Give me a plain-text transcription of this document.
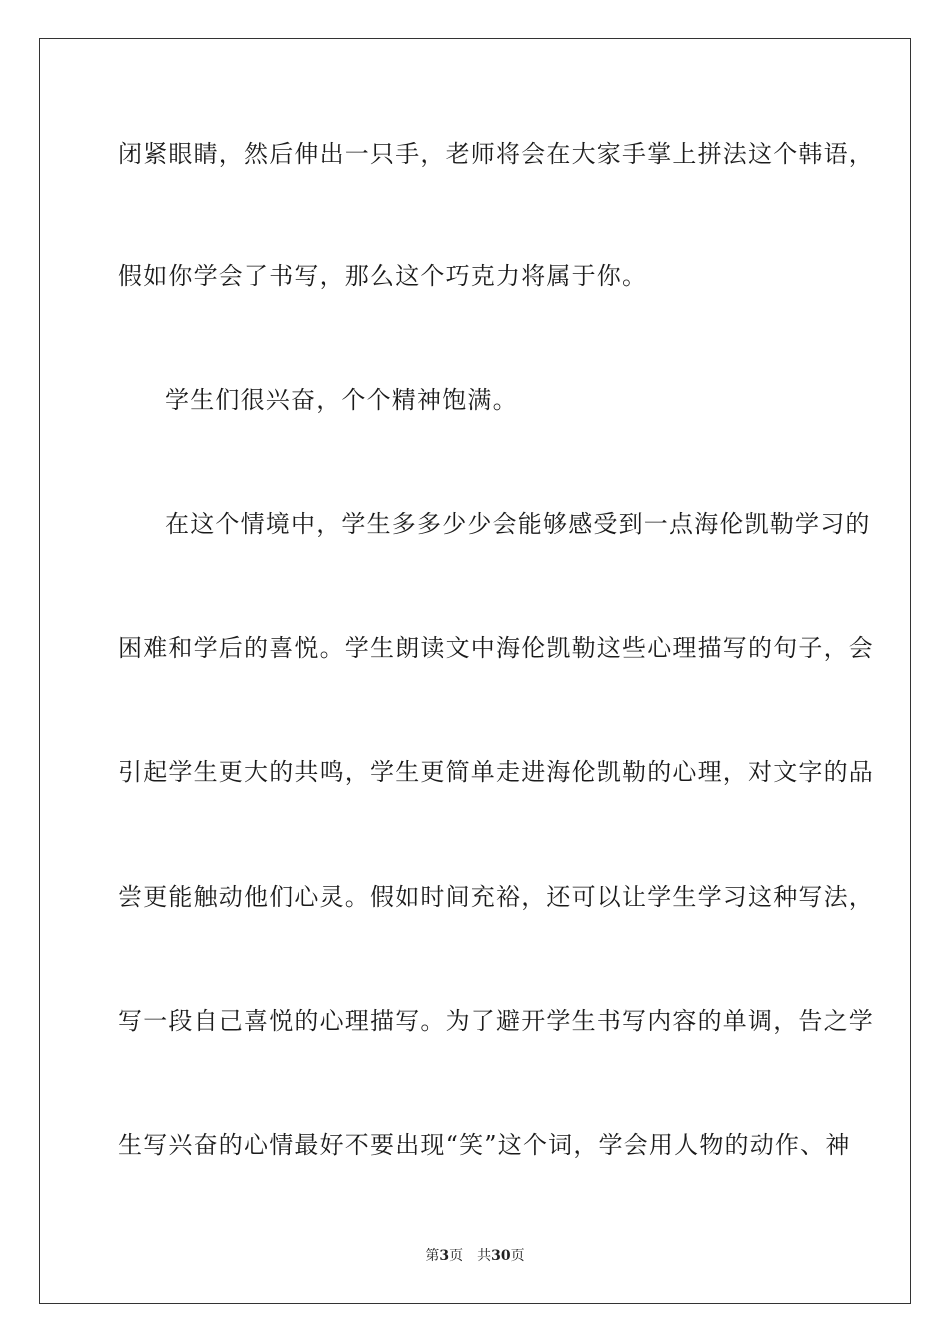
闭紧眼睛，然后伸出一只手，老师将会在大家手掌上拼法这个韩语，
假如你学会了书写，那么这个巧克力将属于你。
学生们很兴奋，个个精神饱满。
在这个情境中，学生多多少少会能够感受到一点海伦凯勒学习的
困难和学后的喜悦。学生朗读文中海伦凯勒这些心理描写的句子，会
引起学生更大的共鸣，学生更简单走进海伦凯勒的心理，对文字的品
尝更能触动他们心灵。假如时间充裕，还可以让学生学习这种写法，
写一段自己喜悦的心理描写。为了避开学生书写内容的单调，告之学
生写兴奋的心情最好不要出现“笑”这个词，学会用人物的动作、神
第3页 共30页
